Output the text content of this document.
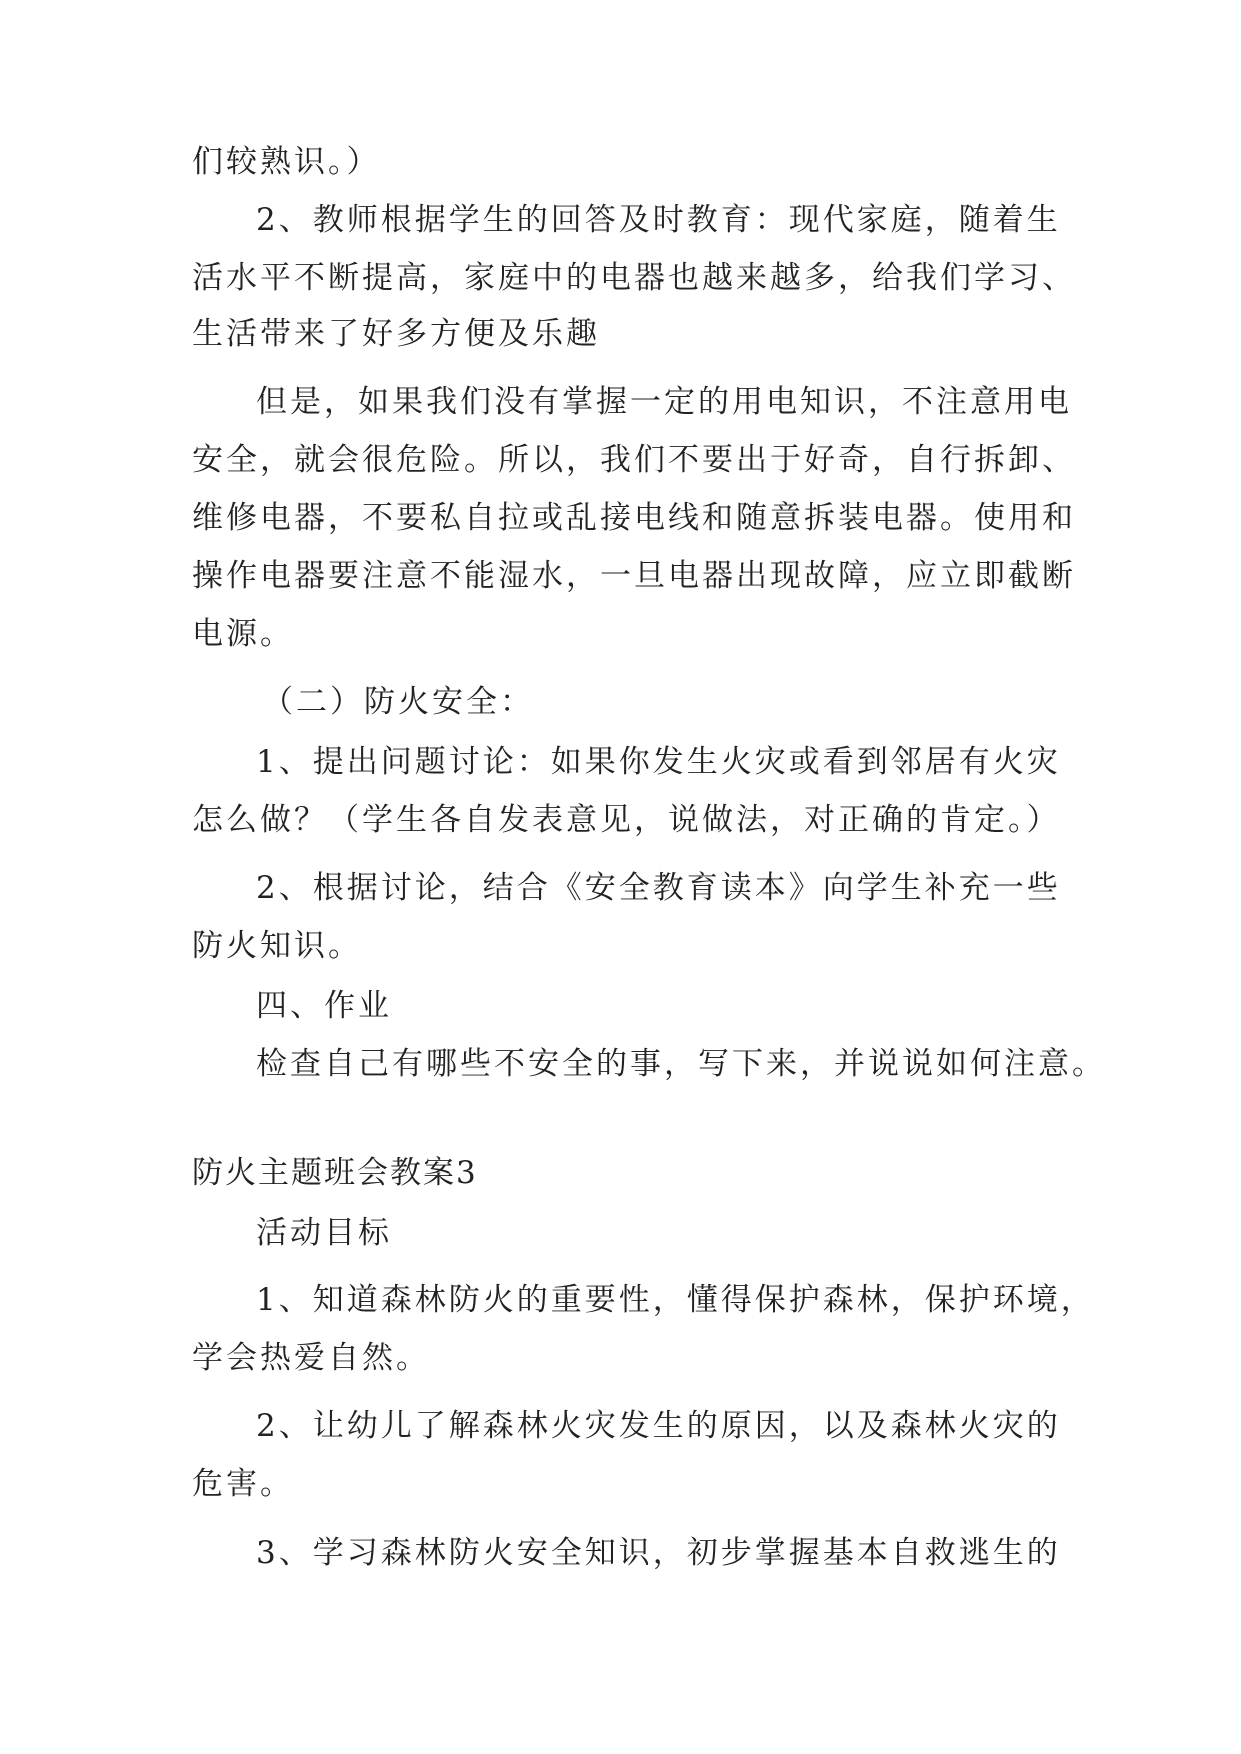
们较熟识。）
2、教师根据学生的回答及时教育：现代家庭，随着生
活水平不断提高，家庭中的电器也越来越多，给我们学习、
生活带来了好多方便及乐趣
但是，如果我们没有掌握一定的用电知识，不注意用电
安全，就会很危险。所以，我们不要出于好奇，自行拆卸、
维修电器，不要私自拉或乱接电线和随意拆装电器。使用和
操作电器要注意不能湿水，一旦电器出现故障，应立即截断
电源。
（二）防火安全：
1、提出问题讨论：如果你发生火灾或看到邻居有火灾
怎么做？（学生各自发表意见，说做法，对正确的肯定。）
2、根据讨论，结合《安全教育读本》向学生补充一些
防火知识。
四、作业
检查自己有哪些不安全的事，写下来，并说说如何注意。
防火主题班会教案3
活动目标
1、知道森林防火的重要性，懂得保护森林，保护环境，
学会热爱自然。
2、让幼儿了解森林火灾发生的原因，以及森林火灾的
危害。
3、学习森林防火安全知识，初步掌握基本自救逃生的
